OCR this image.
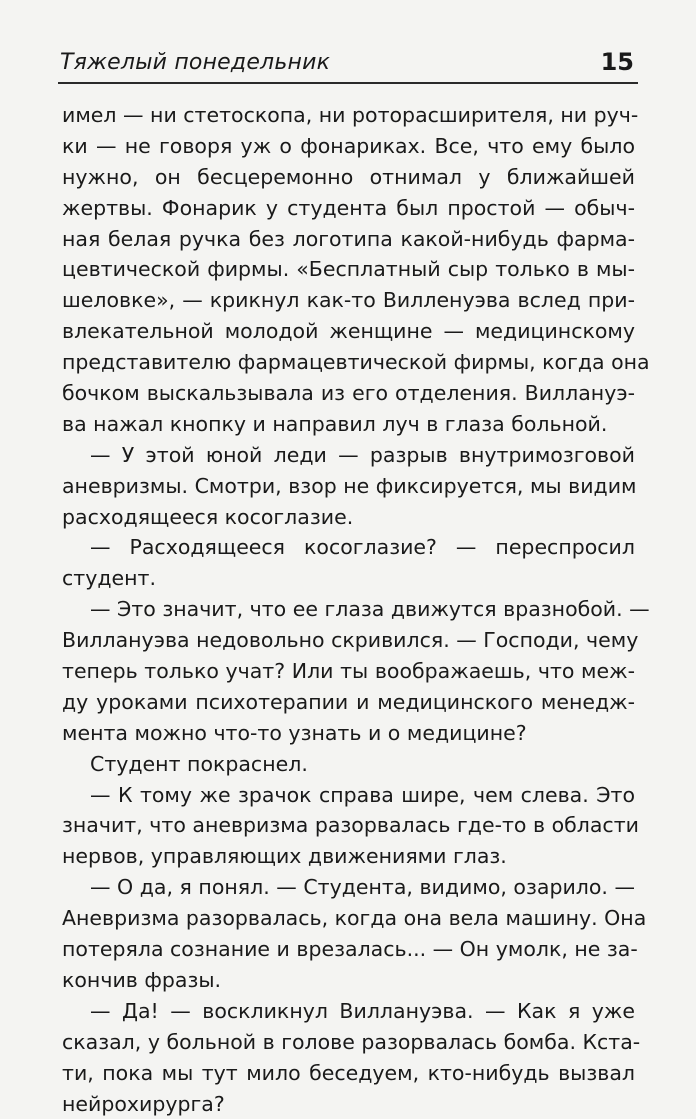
Тяжелый понедельник	15
имел — ни стетоскопа, ни роторасширителя, ни руч-
ки — не говоря уж о фонариках. Все, что ему было
нужно, он бесцеремонно отнимал у ближайшей
жертвы. Фонарик у студента был простой — обыч-
ная белая ручка без логотипа какой-нибудь фарма-
цевтической фирмы. «Бесплатный сыр только в мы-
шеловке», — крикнул как-то Вилленуэва вслед при-
влекательной молодой женщине — медицинскому
представителю фармацевтической фирмы, когда она
бочком выскальзывала из его отделения. Виллануэ-
ва нажал кнопку и направил луч в глаза больной.
— У этой юной леди — разрыв внутримозговой
аневризмы. Смотри, взор не фиксируется, мы видим
расходящееся косоглазие.
— Расходящееся косоглазие? — переспросил
студент.
— Это значит, что ее глаза движутся вразнобой. —
Виллануэва недовольно скривился. — Господи, чему
теперь только учат? Или ты воображаешь, что меж-
ду уроками психотерапии и медицинского менедж-
мента можно что-то узнать и о медицине?
Студент покраснел.
— К тому же зрачок справа шире, чем слева. Это
значит, что аневризма разорвалась где-то в области
нервов, управляющих движениями глаз.
— О да, я понял. — Студента, видимо, озарило. —
Аневризма разорвалась, когда она вела машину. Она
потеряла сознание и врезалась... — Он умолк, не за-
кончив фразы.
— Да! — воскликнул Виллануэва. — Как я уже
сказал, у больной в голове разорвалась бомба. Кста-
ти, пока мы тут мило беседуем, кто-нибудь вызвал
нейрохирурга?
